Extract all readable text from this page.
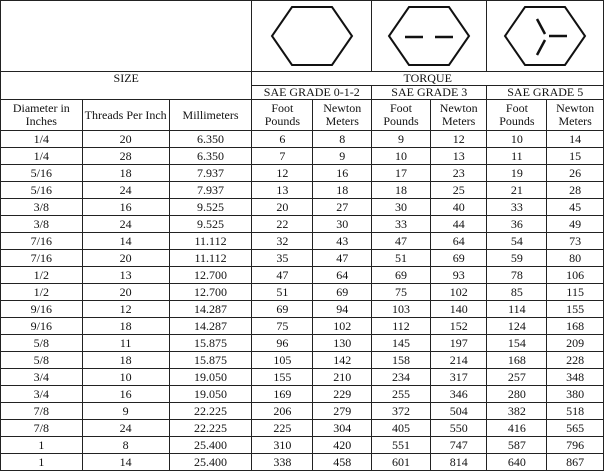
SIZE			TORQUE					
			SAE GRADE 0-1-2		SAE GRADE 3		SAE GRADE 5	
Diameter in Inches	Threads Per Inch	Millimeters	Foot Pounds	Newton Meters	Foot Pounds	Newton Meters	Foot Pounds	Newton Meters
1/4	20	6.350	6	8	9	12	10	14
1/4	28	6.350	7	9	10	13	11	15
5/16	18	7.937	12	16	17	23	19	26
5/16	24	7.937	13	18	18	25	21	28
3/8	16	9.525	20	27	30	40	33	45
3/8	24	9.525	22	30	33	44	36	49
7/16	14	11.112	32	43	47	64	54	73
7/16	20	11.112	35	47	51	69	59	80
1/2	13	12.700	47	64	69	93	78	106
1/2	20	12.700	51	69	75	102	85	115
9/16	12	14.287	69	94	103	140	114	155
9/16	18	14.287	75	102	112	152	124	168
5/8	11	15.875	96	130	145	197	154	209
5/8	18	15.875	105	142	158	214	168	228
3/4	10	19.050	155	210	234	317	257	348
3/4	16	19.050	169	229	255	346	280	380
7/8	9	22.225	206	279	372	504	382	518
7/8	24	22.225	225	304	405	550	416	565
1	8	25.400	310	420	551	747	587	796
1	14	25.400	338	458	601	814	640	867
